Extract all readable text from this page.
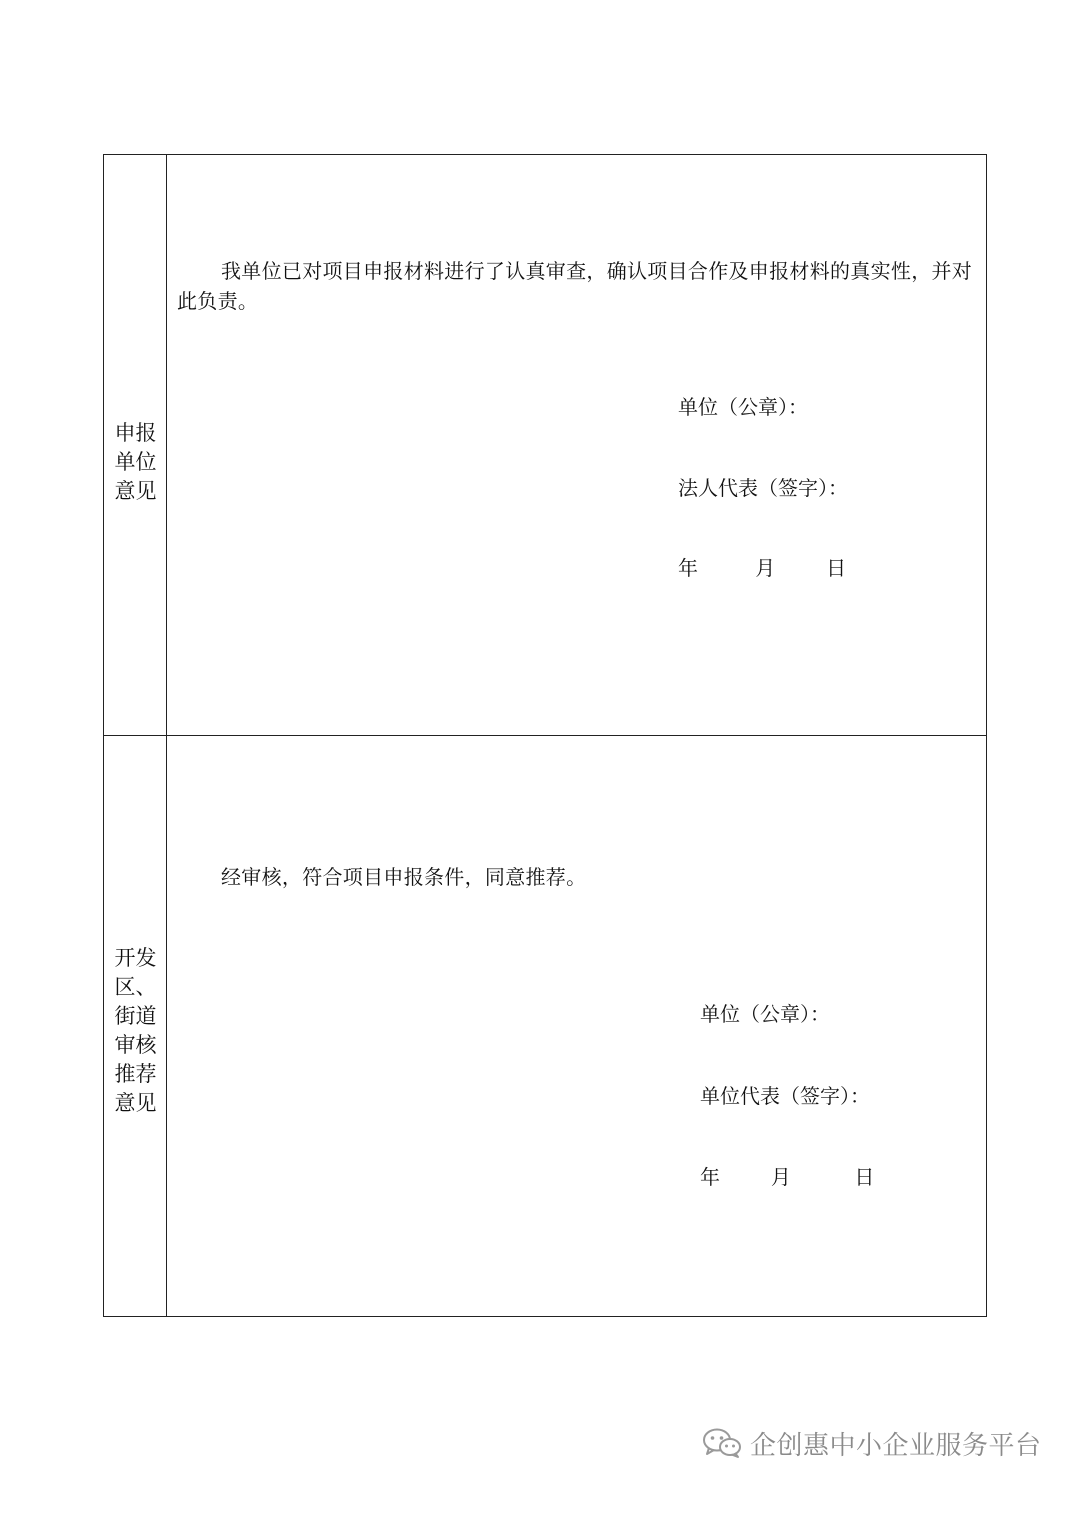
申报
单位
意见
我单位已对项目申报材料进行了认真审查，确认项目合作及申报材料的真实性，并对此负责。
单位（公章）：
法人代表（签字）：
年         月        日
开发
区、
街道
审核
推荐
意见
经审核，符合项目申报条件，同意推荐。
单位（公章）：
单位代表（签字）：
年        月          日
企创惠中小企业服务平台
